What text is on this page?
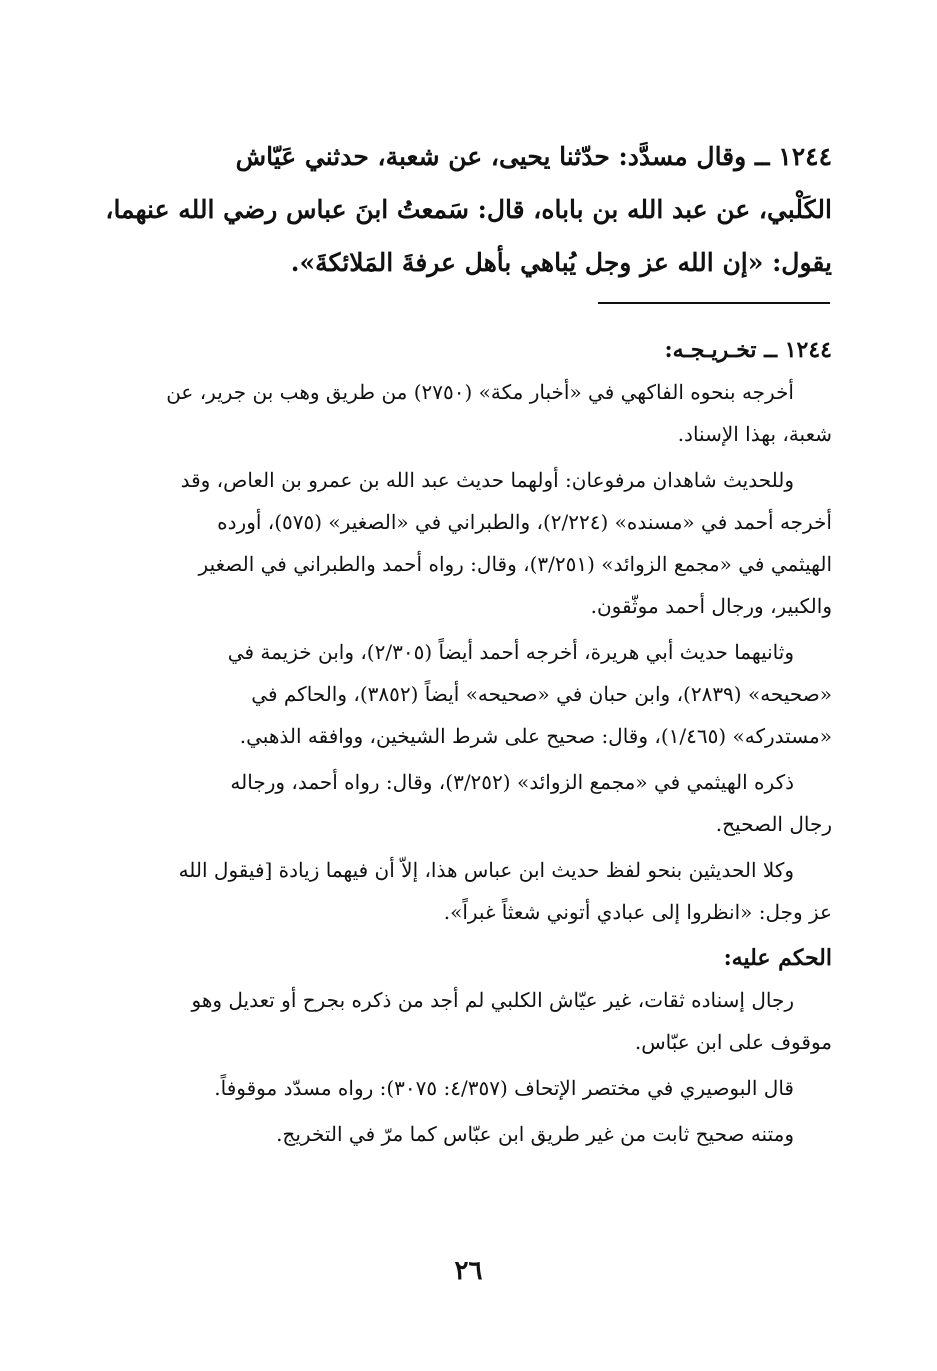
١٢٤٤ ــ وقال مسدَّد: حدّثنا يحيى، عن شعبة، حدثني عَيّاش
الكَلْبي، عن عبد الله بن باباه، قال: سَمعتُ ابنَ عباس رضي الله عنهما،
يقول: «إن الله عز وجل يُباهي بأهل عرفةَ المَلائكةَ».
١٢٤٤ ــ تخـريـجـه:

أخرجه بنحوه الفاكهي في «أخبار مكة» (٢٧٥٠) من طريق وهب بن جرير، عن
شعبة، بهذا الإسناد.

وللحديث شاهدان مرفوعان: أولهما حديث عبد الله بن عمرو بن العاص، وقد
أخرجه أحمد في «مسنده» (٢/٢٢٤)، والطبراني في «الصغير» (٥٧٥)، أورده
الهيثمي في «مجمع الزوائد» (٣/٢٥١)، وقال: رواه أحمد والطبراني في الصغير
والكبير، ورجال أحمد موثّقون.

وثانيهما حديث أبي هريرة، أخرجه أحمد أيضاً (٢/٣٠٥)، وابن خزيمة في
«صحيحه» (٢٨٣٩)، وابن حبان في «صحيحه» أيضاً (٣٨٥٢)، والحاكم في
«مستدركه» (١/٤٦٥)، وقال: صحيح على شرط الشيخين، ووافقه الذهبي.

ذكره الهيثمي في «مجمع الزوائد» (٣/٢٥٢)، وقال: رواه أحمد، ورجاله
رجال الصحيح.

وكلا الحديثين بنحو لفظ حديث ابن عباس هذا، إلاّ أن فيهما زيادة [فيقول الله
عز وجل: «انظروا إلى عبادي أتوني شعثاً غبراً».

الحكم عليه:

رجال إسناده ثقات، غير عيّاش الكلبي لم أجد من ذكره بجرح أو تعديل وهو
موقوف على ابن عبّاس.

قال البوصيري في مختصر الإتحاف (٤/٣٥٧: ٣٠٧٥): رواه مسدّد موقوفاً.

ومتنه صحيح ثابت من غير طريق ابن عبّاس كما مرّ في التخريج.

٢٦
